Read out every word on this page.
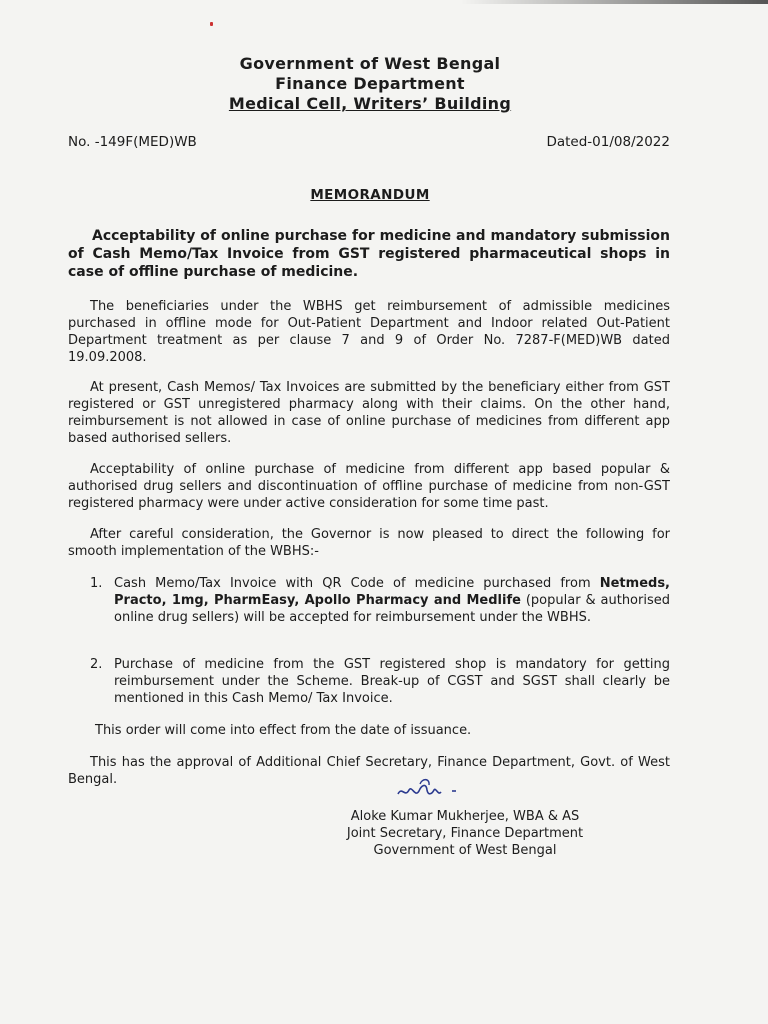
Government of West Bengal
Finance Department
Medical Cell, Writers’ Building
No. -149F(MED)WB	Dated-01/08/2022
MEMORANDUM
Acceptability of online purchase for medicine and mandatory submission of Cash Memo/Tax Invoice from GST registered pharmaceutical shops in case of offline purchase of medicine.
The beneficiaries under the WBHS get reimbursement of admissible medicines purchased in offline mode for Out-Patient Department and Indoor related Out-Patient Department treatment as per clause 7 and 9 of Order No. 7287-F(MED)WB dated 19.09.2008.
At present, Cash Memos/ Tax Invoices are submitted by the beneficiary either from GST registered or GST unregistered pharmacy along with their claims. On the other hand, reimbursement is not allowed in case of online purchase of medicines from different app based authorised sellers.
Acceptability of online purchase of medicine from different app based popular & authorised drug sellers and discontinuation of offline purchase of medicine from non-GST registered pharmacy were under active consideration for some time past.
After careful consideration, the Governor is now pleased to direct the following for smooth implementation of the WBHS:-
1. Cash Memo/Tax Invoice with QR Code of medicine purchased from Netmeds, Practo, 1mg, PharmEasy, Apollo Pharmacy and Medlife (popular & authorised online drug sellers) will be accepted for reimbursement under the WBHS.
2. Purchase of medicine from the GST registered shop is mandatory for getting reimbursement under the Scheme. Break-up of CGST and SGST shall clearly be mentioned in this Cash Memo/ Tax Invoice.
This order will come into effect from the date of issuance.
This has the approval of Additional Chief Secretary, Finance Department, Govt. of West Bengal.
Aloke Kumar Mukherjee, WBA & AS
Joint Secretary, Finance Department
Government of West Bengal
